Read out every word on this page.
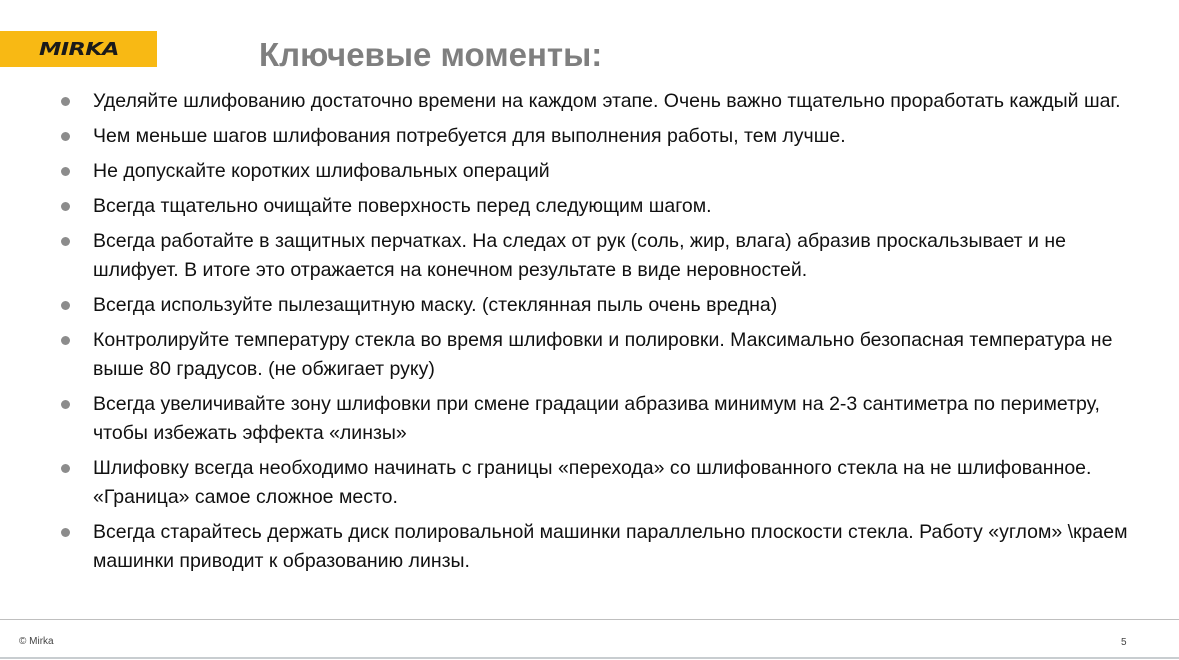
MIRKA	Ключевые моменты:
Уделяйте шлифованию достаточно времени на каждом этапе. Очень важно тщательно проработать каждый шаг.
Чем меньше шагов шлифования потребуется для выполнения работы, тем лучше.
Не допускайте коротких шлифовальных операций
Всегда тщательно очищайте поверхность перед следующим шагом.
Всегда работайте в защитных перчатках. На следах от рук (соль, жир, влага) абразив проскальзывает и не шлифует. В итоге это отражается на конечном результате в виде неровностей.
Всегда используйте пылезащитную маску. (стеклянная пыль очень вредна)
Контролируйте температуру стекла во время шлифовки и полировки. Максимально безопасная температура не выше 80 градусов. (не обжигает руку)
Всегда увеличивайте зону шлифовки при смене градации абразива минимум на 2-3 сантиметра по периметру, чтобы избежать эффекта «линзы»
Шлифовку всегда необходимо начинать с границы «перехода» со шлифованного стекла на не шлифованное. «Граница» самое сложное место.
Всегда старайтесь держать диск полировальной машинки параллельно плоскости стекла. Работу «углом» \краем машинки приводит к образованию линзы.
© Mirka	5
